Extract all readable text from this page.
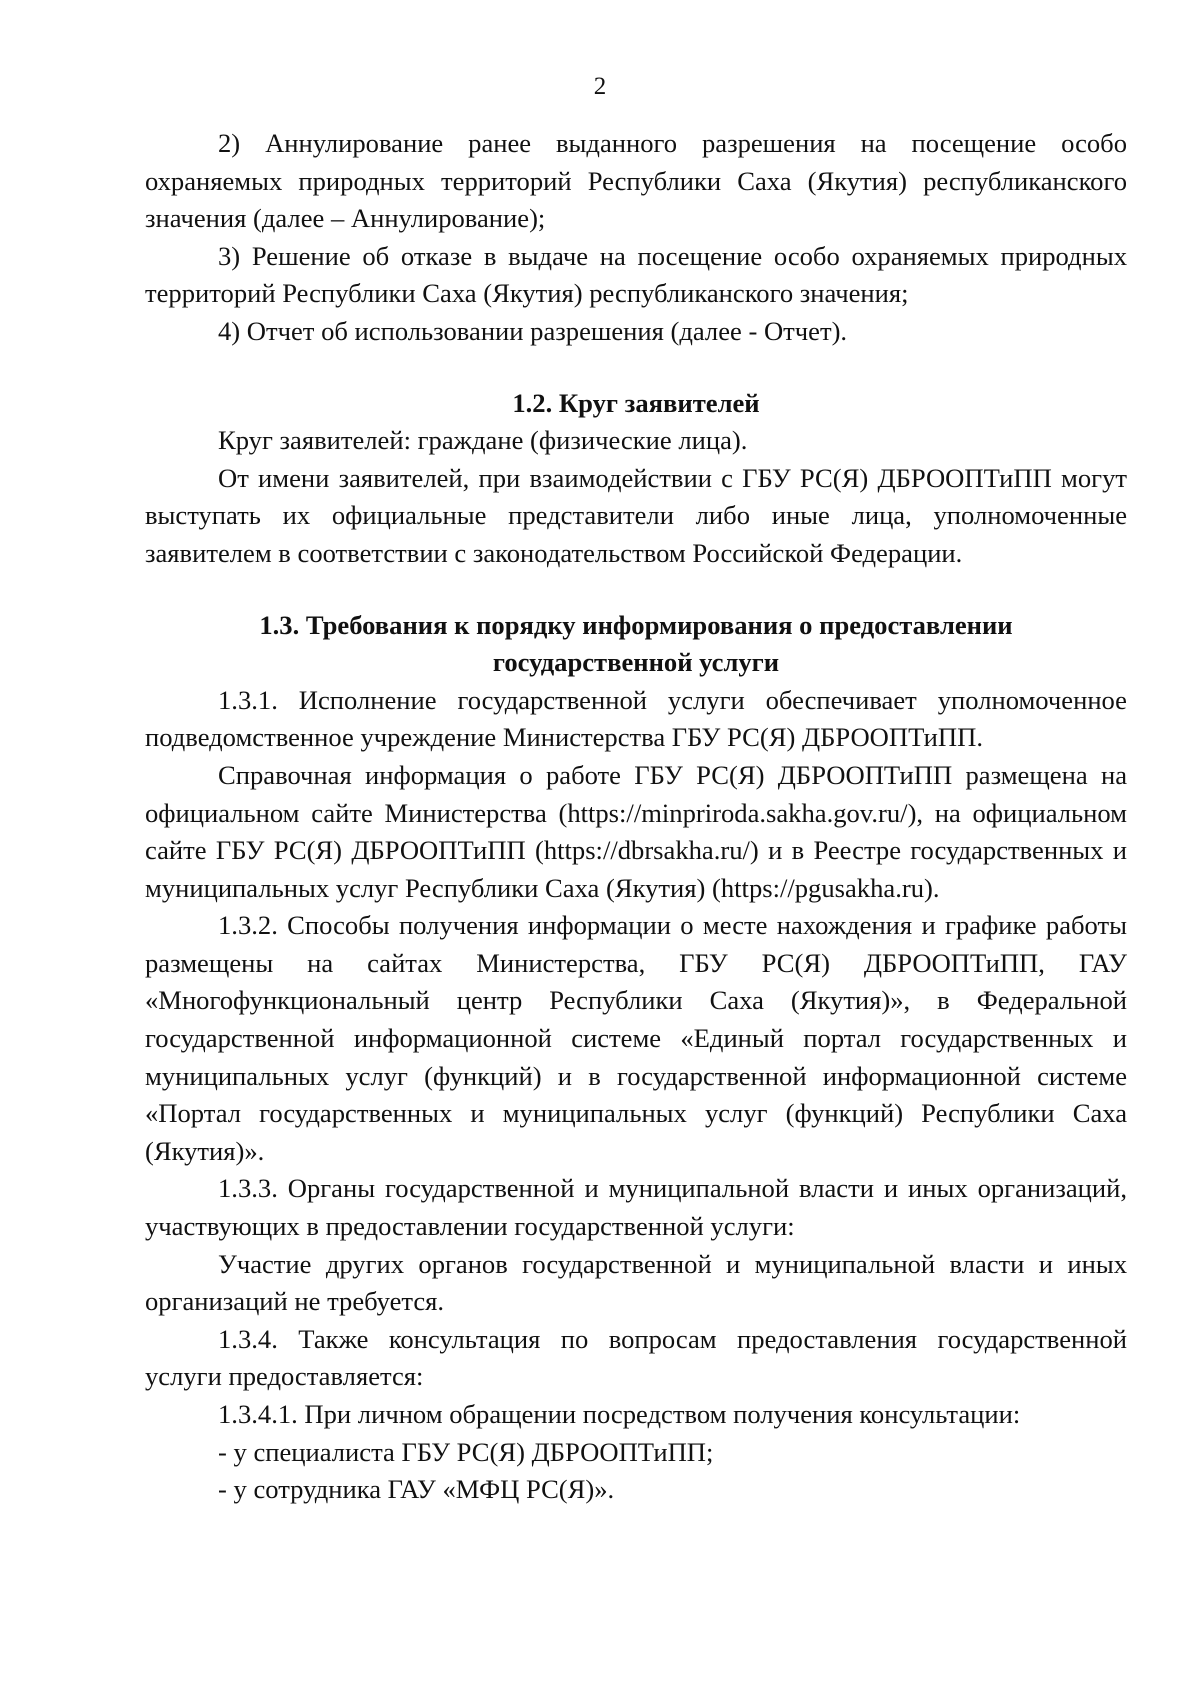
2

2) Аннулирование ранее выданного разрешения на посещение особо охраняемых природных территорий Республики Саха (Якутия) республиканского значения (далее – Аннулирование);

3) Решение об отказе в выдаче на посещение особо охраняемых природных территорий Республики Саха (Якутия) республиканского значения;

4) Отчет об использовании разрешения (далее - Отчет).

1.2. Круг заявителей

Круг заявителей: граждане (физические лица).

От имени заявителей, при взаимодействии с ГБУ РС(Я) ДБРООПТиПП могут выступать их официальные представители либо иные лица, уполномоченные заявителем в соответствии с законодательством Российской Федерации.

1.3. Требования к порядку информирования о предоставлении
государственной услуги

1.3.1. Исполнение государственной услуги обеспечивает уполномоченное подведомственное учреждение Министерства ГБУ РС(Я) ДБРООПТиПП.

Справочная информация о работе ГБУ РС(Я) ДБРООПТиПП размещена на официальном сайте Министерства (https://minpriroda.sakha.gov.ru/), на официальном сайте ГБУ РС(Я) ДБРООПТиПП (https://dbrsakha.ru/) и в Реестре государственных и муниципальных услуг Республики Саха (Якутия) (https://pgusakha.ru).

1.3.2. Способы получения информации о месте нахождения и графике работы размещены на сайтах Министерства, ГБУ РС(Я) ДБРООПТиПП, ГАУ «Многофункциональный центр Республики Саха (Якутия)», в Федеральной государственной информационной системе «Единый портал государственных и муниципальных услуг (функций) и в государственной информационной системе «Портал государственных и муниципальных услуг (функций) Республики Саха (Якутия)».

1.3.3. Органы государственной и муниципальной власти и иных организаций, участвующих в предоставлении государственной услуги:

Участие других органов государственной и муниципальной власти и иных организаций не требуется.

1.3.4. Также консультация по вопросам предоставления государственной услуги предоставляется:

1.3.4.1. При личном обращении посредством получения консультации:

- у специалиста ГБУ РС(Я) ДБРООПТиПП;

- у сотрудника ГАУ «МФЦ РС(Я)».
